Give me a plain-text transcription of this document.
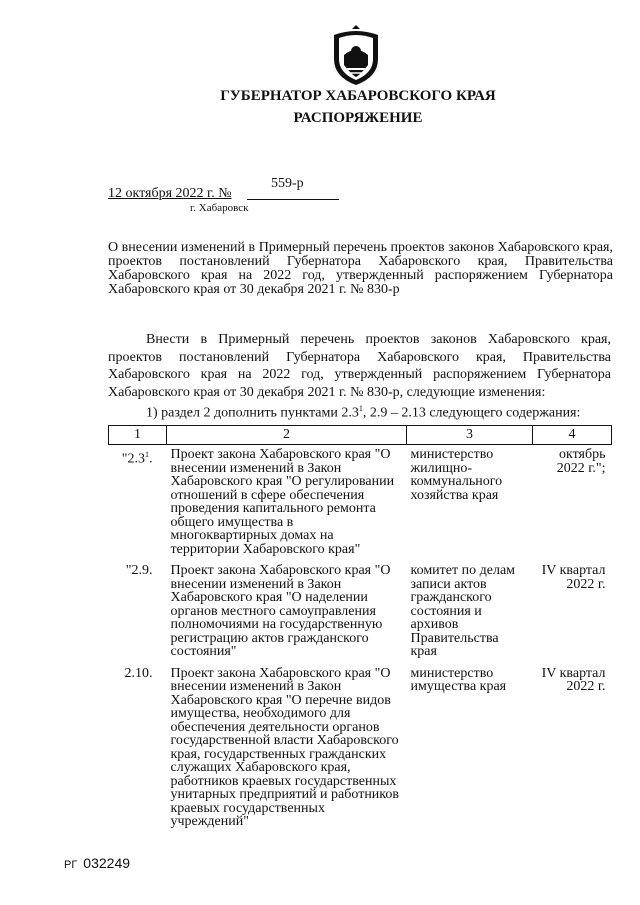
ГУБЕРНАТОР ХАБАРОВСКОГО КРАЯ
РАСПОРЯЖЕНИЕ
12 октября 2022 г. №
559-р
г. Хабаровск
О внесении изменений в Примерный перечень проектов законов Хабаровского края, проектов постановлений Губернатора Хабаровского края, Правительства Хабаровского края на 2022 год, утвержденный распоряжением Губернатора Хабаровского края от 30 декабря 2021 г. № 830-р
Внести в Примерный перечень проектов законов Хабаровского края, проектов постановлений Губернатора Хабаровского края, Правительства Хабаровского края на 2022 год, утвержденный распоряжением Губернатора Хабаровского края от 30 декабря 2021 г. № 830-р, следующие изменения:
1) раздел 2 дополнить пунктами $2.3^1$, 2.9 – 2.13 следующего содержания:
1	2	3	4
"$2.3^1$.	Проект закона Хабаровского края "О внесении изменений в Закон Хабаровского края "О регулировании отношений в сфере обеспечения проведения капитального ремонта общего имущества в многоквартирных домах на территории Хабаровского края"	министерство жилищно-коммунального хозяйства края	октябрь 2022 г.";
"2.9.	Проект закона Хабаровского края "О внесении изменений в Закон Хабаровского края "О наделении органов местного самоуправления полномочиями на государственную регистрацию актов гражданского состояния"	комитет по делам записи актов гражданского состояния и архивов Правительства края	IV квартал 2022 г.
2.10.	Проект закона Хабаровского края "О внесении изменений в Закон Хабаровского края "О перечне видов имущества, необходимого для обеспечения деятельности органов государственной власти Хабаровского края, государственных гражданских служащих Хабаровского края, работников краевых государственных унитарных предприятий и работников краевых государственных учреждений"	министерство имущества края	IV квартал 2022 г.
РГ 032249
